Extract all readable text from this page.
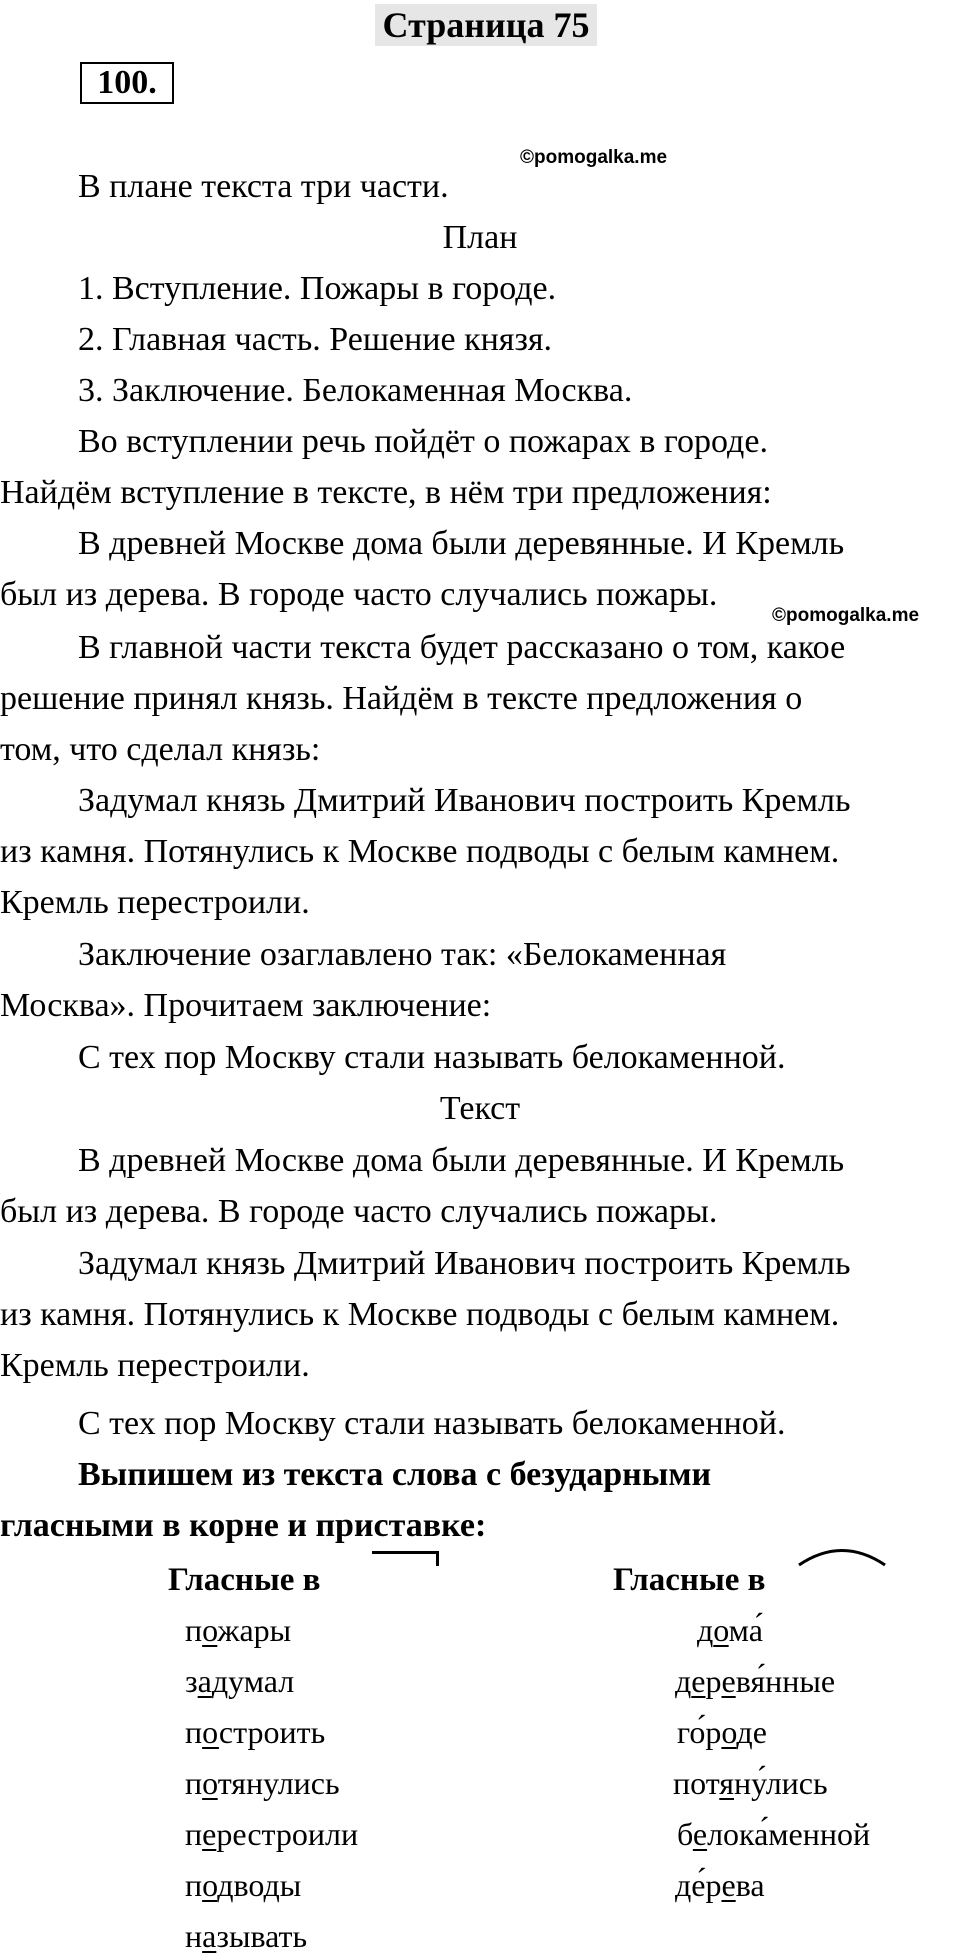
Страница 75
100.
©pomogalka.me
©pomogalka.me
В плане текста три части.
План
1. Вступление. Пожары в городе.
2. Главная часть. Решение князя.
3. Заключение. Белокаменная Москва.
Во вступлении речь пойдёт о пожарах в городе.
Найдём вступление в тексте, в нём три предложения:
В древней Москве дома были деревянные. И Кремль
был из дерева. В городе часто случались пожары.
В главной части текста будет рассказано о том, какое
решение принял князь. Найдём в тексте предложения о
том, что сделал князь:
Задумал князь Дмитрий Иванович построить Кремль
из камня. Потянулись к Москве подводы с белым камнем.
Кремль перестроили.
Заключение озаглавлено так: «Белокаменная
Москва». Прочитаем заключение:
С тех пор Москву стали называть белокаменной.
Текст
В древней Москве дома были деревянные. И Кремль
был из дерева. В городе часто случались пожары.
Задумал князь Дмитрий Иванович построить Кремль
из камня. Потянулись к Москве подводы с белым камнем.
Кремль перестроили.
С тех пор Москву стали называть белокаменной.
Выпишем из текста слова с безударными
гласными в корне и приставке:
Гласные в	Гласные в
пожары
задумал
построить
потянулись
перестроили
подводы
называть
дома́
деревя́нные
го́роде
потяну́лись
белока́менной
де́рева
